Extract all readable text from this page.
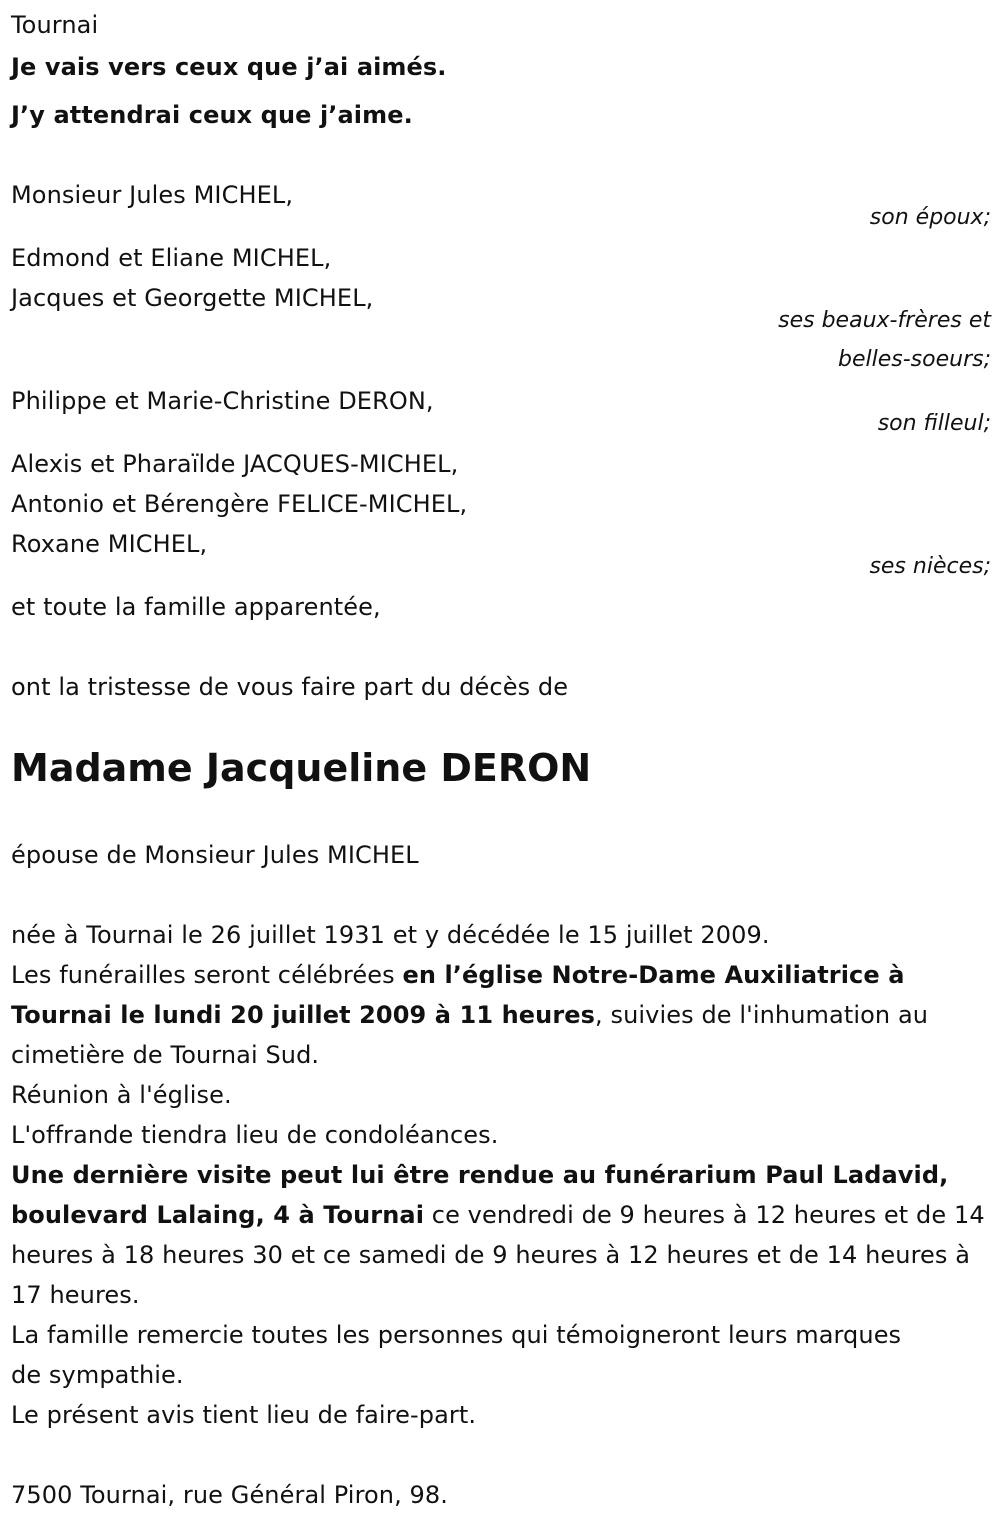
Tournai
Je vais vers ceux que j’ai aimés.
J’y attendrai ceux que j’aime.
Monsieur Jules MICHEL,
son époux;
Edmond et Eliane MICHEL,
Jacques et Georgette MICHEL,
ses beaux-frères et
belles-soeurs;
Philippe et Marie-Christine DERON,
son filleul;
Alexis et Pharaïlde JACQUES-MICHEL,
Antonio et Bérengère FELICE-MICHEL,
Roxane MICHEL,
ses nièces;
et toute la famille apparentée,
ont la tristesse de vous faire part du décès de
Madame Jacqueline DERON
épouse de Monsieur Jules MICHEL
née à Tournai le 26 juillet 1931 et y décédée le 15 juillet 2009.
Les funérailles seront célébrées en l’église Notre-Dame Auxiliatrice à Tournai le lundi 20 juillet 2009 à 11 heures, suivies de l'inhumation au cimetière de Tournai Sud.
Réunion à l'église.
L'offrande tiendra lieu de condoléances.
Une dernière visite peut lui être rendue au funérarium Paul Ladavid, boulevard Lalaing, 4 à Tournai ce vendredi de 9 heures à 12 heures et de 14 heures à 18 heures 30 et ce samedi de 9 heures à 12 heures et de 14 heures à 17 heures.
La famille remercie toutes les personnes qui témoigneront leurs marques de sympathie.
Le présent avis tient lieu de faire-part.
7500 Tournai, rue Général Piron, 98.
